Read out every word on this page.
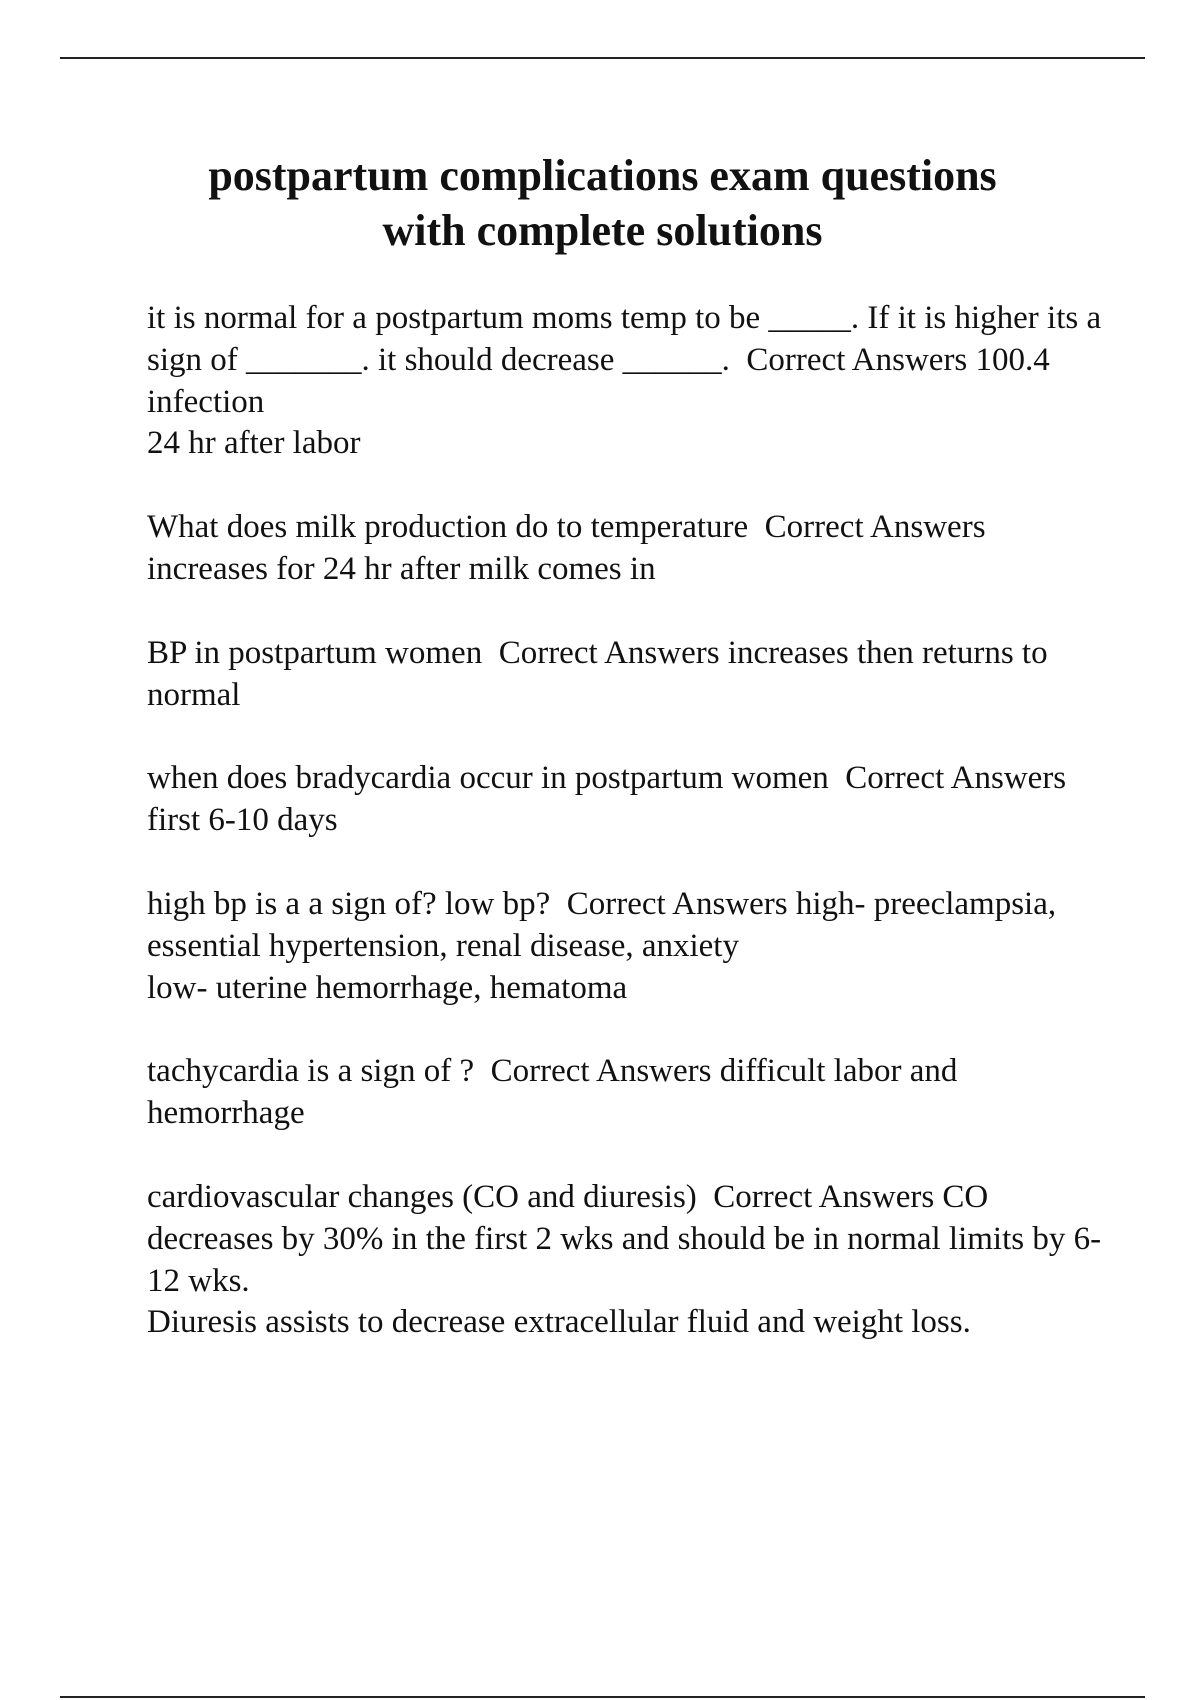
postpartum complications exam questions
with complete solutions

it is normal for a postpartum moms temp to be _____. If it is higher its a sign of _______. it should decrease ______.  Correct Answers 100.4
infection
24 hr after labor

What does milk production do to temperature  Correct Answers increases for 24 hr after milk comes in

BP in postpartum women  Correct Answers increases then returns to normal

when does bradycardia occur in postpartum women  Correct Answers first 6-10 days

high bp is a a sign of? low bp?  Correct Answers high- preeclampsia, essential hypertension, renal disease, anxiety
low- uterine hemorrhage, hematoma

tachycardia is a sign of ?  Correct Answers difficult labor and hemorrhage

cardiovascular changes (CO and diuresis)  Correct Answers CO decreases by 30% in the first 2 wks and should be in normal limits by 6-12 wks.
Diuresis assists to decrease extracellular fluid and weight loss.
